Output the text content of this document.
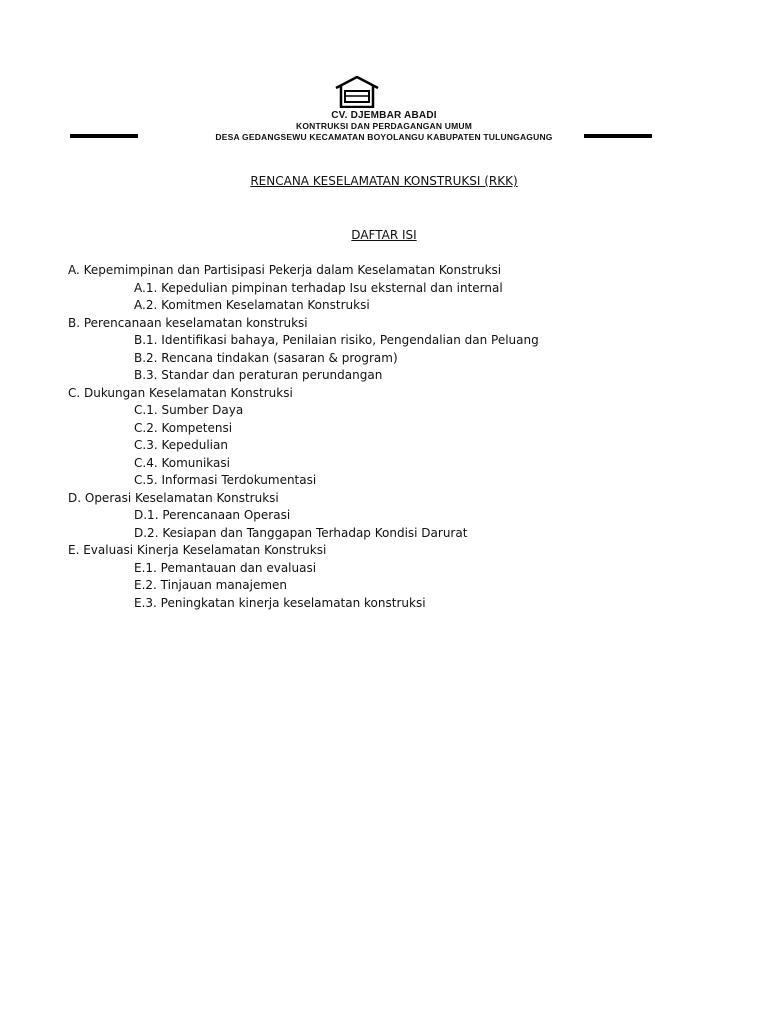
CV. DJEMBAR ABADI
KONTRUKSI DAN PERDAGANGAN UMUM
DESA GEDANGSEWU KECAMATAN BOYOLANGU KABUPATEN TULUNGAGUNG
RENCANA KESELAMATAN KONSTRUKSI (RKK)
DAFTAR ISI
A. Kepemimpinan dan Partisipasi Pekerja dalam Keselamatan Konstruksi
A.1. Kepedulian pimpinan terhadap Isu eksternal dan internal
A.2. Komitmen Keselamatan Konstruksi
B. Perencanaan keselamatan konstruksi
B.1. Identifikasi bahaya, Penilaian risiko, Pengendalian dan Peluang
B.2. Rencana tindakan (sasaran & program)
B.3. Standar dan peraturan perundangan
C. Dukungan Keselamatan Konstruksi
C.1. Sumber Daya
C.2. Kompetensi
C.3. Kepedulian
C.4. Komunikasi
C.5. Informasi Terdokumentasi
D. Operasi Keselamatan Konstruksi
D.1. Perencanaan Operasi
D.2. Kesiapan dan Tanggapan Terhadap Kondisi Darurat
E. Evaluasi Kinerja Keselamatan Konstruksi
E.1. Pemantauan dan evaluasi
E.2. Tinjauan manajemen
E.3. Peningkatan kinerja keselamatan konstruksi
